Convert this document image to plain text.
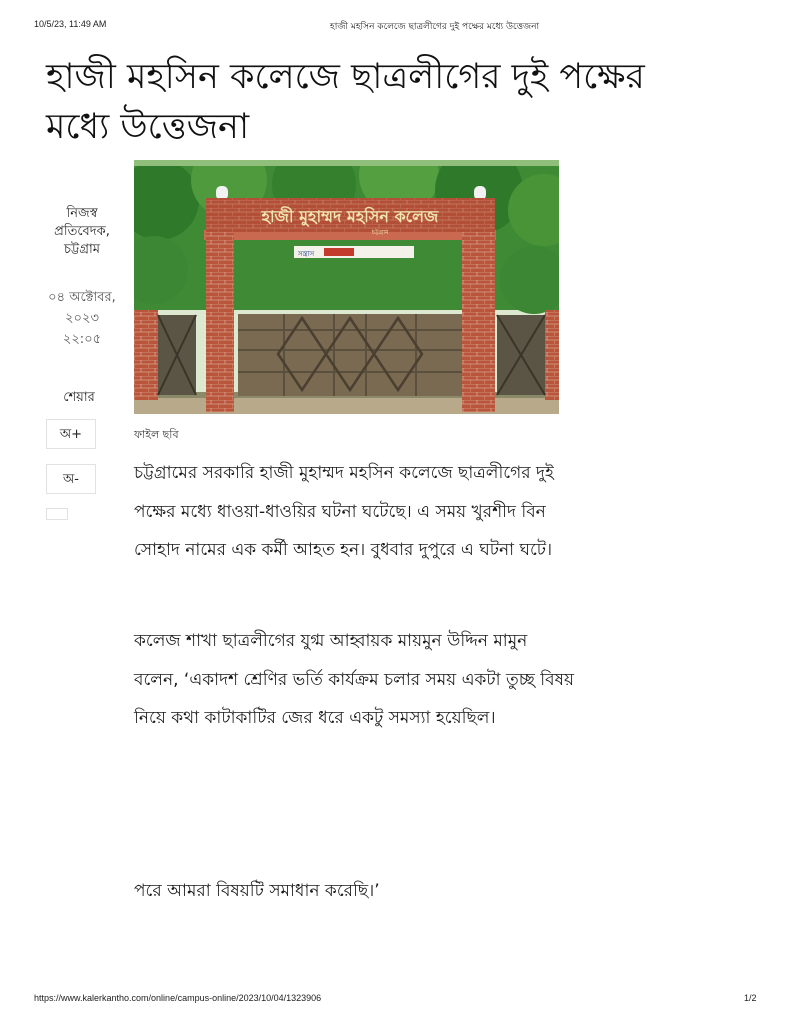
10/5/23, 11:49 AM	হাজী মহসিন কলেজে ছাত্রলীগের দুই পক্ষের মধ্যে উত্তেজনা
হাজী মহসিন কলেজে ছাত্রলীগের দুই পক্ষের মধ্যে উত্তেজনা
নিজস্ব প্রতিবেদক, চট্টগ্রাম
০৪ অক্টোবর, ২০২৩ ২২:০৫
শেয়ার
অ+
অ-
সন্ত্রাস
হাজী মুহাম্মদ মহসিন কলেজ
চট্টগ্রাম
ফাইল ছবি

চট্টগ্রামের সরকারি হাজী মুহাম্মদ মহসিন কলেজে ছাত্রলীগের দুই পক্ষের মধ্যে ধাওয়া-ধাওয়ির ঘটনা ঘটেছে। এ সময় খুরশীদ বিন সোহাদ নামের এক কর্মী আহত হন। বুধবার দুপুরে এ ঘটনা ঘটে।

কলেজ শাখা ছাত্রলীগের যুগ্ম আহ্বায়ক মায়মুন উদ্দিন মামুন বলেন, ‘একাদশ শ্রেণির ভর্তি কার্যক্রম চলার সময় একটা তুচ্ছ বিষয় নিয়ে কথা কাটাকাটির জের ধরে একটু সমস্যা হয়েছিল।

পরে আমরা বিষয়টি সমাধান করেছি।’

https://www.kalerkantho.com/online/campus-online/2023/10/04/1323906	1/2
